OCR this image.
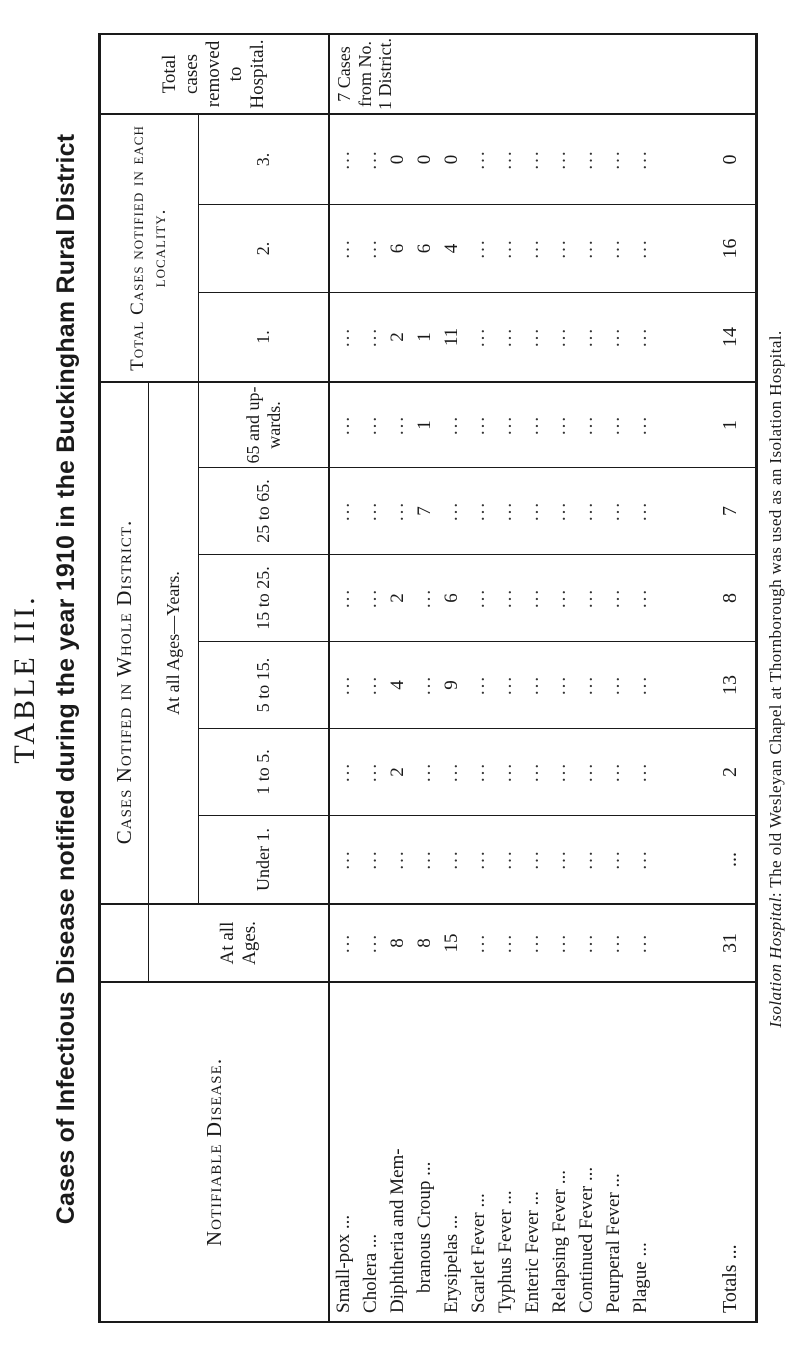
TABLE III. Cases of Infectious Disease notified during the year 1910 in the Buckingham Rural District	Notifiable Disease.
Cases Notifed in Whole District.	At all Ages—Years.
At all Ages.
Under 1.
1 to 5.
5 to 15.
15 to 25.
25 to 65.
65 and up-wards.
Total Cases notified in each locality.
1.
2.
3.
Total cases removed to Hospital.
Small-pox ... Cholera ... Diphtheria and Mem- branous Croup ... Erysipelas ... Scarlet Fever ... Typhus Fever ... Enteric Fever ... Relapsing Fever ... Continued Fever ... Peurperal Fever ... Plague ...
... ... 8 8 15 ... ... ... ... ... ... ...
... ... ... ... ... ... ... ... ... ... ... ...
... ... 2 ... ... ... ... ... ... ... ... ...
... ... 4 ... 9 ... ... ... ... ... ... ...
... ... 2 ... 6 ... ... ... ... ... ... ...
... ... ... 7 ... ... ... ... ... ... ... ...
... ... ... 1 ... ... ... ... ... ... ... ...
... ... 2 1 11 ... ... ... ... ... ... ...
... ... 6 6 4 ... ... ... ... ... ... ...
... ... 0 0 0 ... ... ... ... ... ... ...
7 Cases from No. 1 District.
Totals ...
31
...
2
13
8
7
1
14
16
0
Isolation Hospital: The old Wesleyan Chapel at Thornborough was used as an Isolation Hospital.
